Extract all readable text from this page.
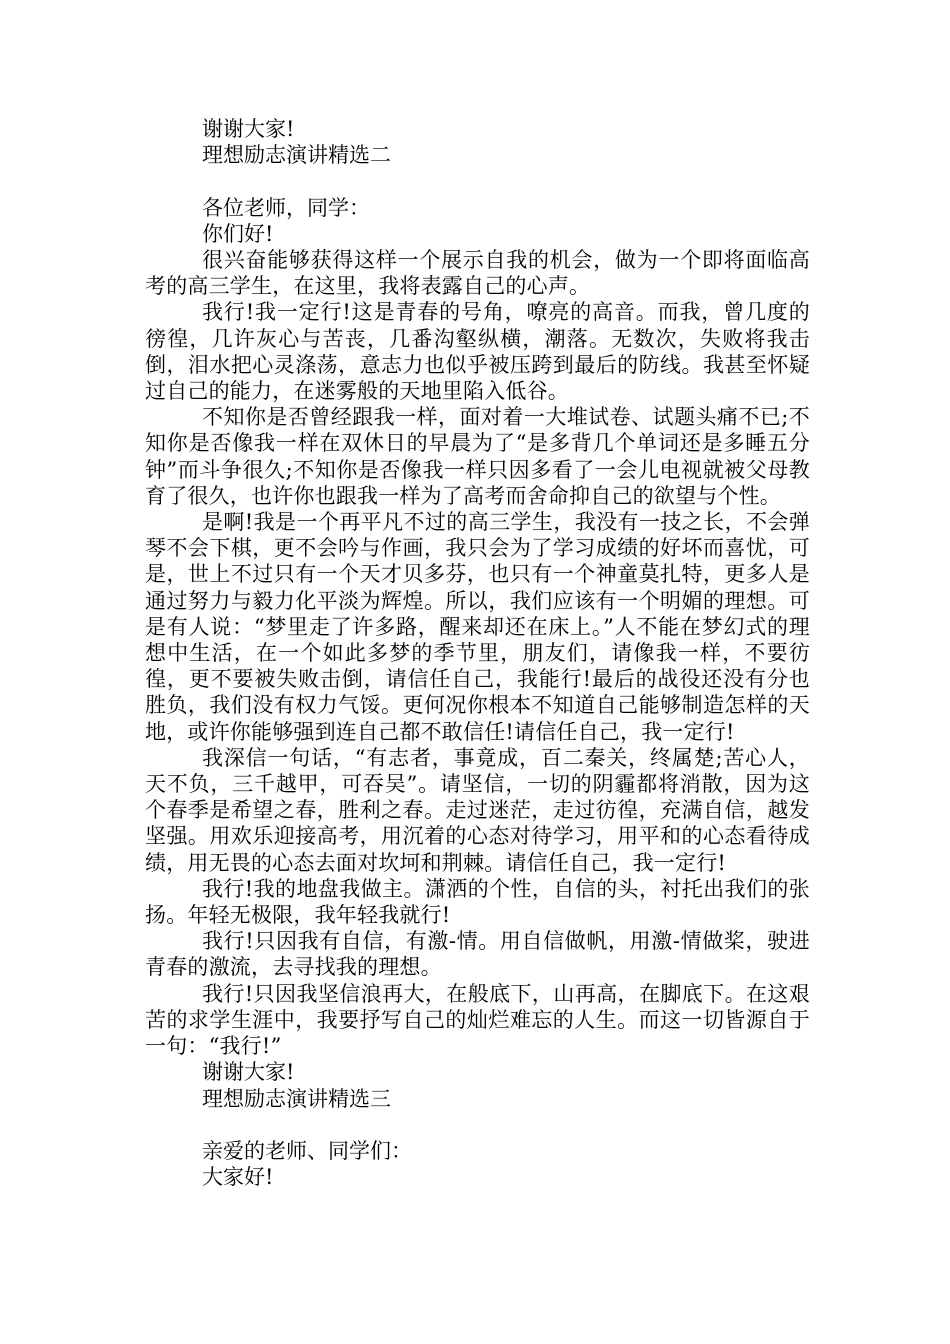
谢谢大家!

理想励志演讲精选二

各位老师，同学：

你们好!

很兴奋能够获得这样一个展示自我的机会，做为一个即将面临高考的高三学生，在这里，我将表露自己的心声。

我行!我一定行!这是青春的号角，嘹亮的高音。而我，曾几度的徬徨，几许灰心与苦丧，几番沟壑纵横，潮落。无数次，失败将我击倒，泪水把心灵涤荡，意志力也似乎被压跨到最后的防线。我甚至怀疑过自己的能力，在迷雾般的天地里陷入低谷。

不知你是否曾经跟我一样，面对着一大堆试卷、试题头痛不已;不知你是否像我一样在双休日的早晨为了“是多背几个单词还是多睡五分钟”而斗争很久;不知你是否像我一样只因多看了一会儿电视就被父母教育了很久，也许你也跟我一样为了高考而舍命抑自己的欲望与个性。

是啊!我是一个再平凡不过的高三学生，我没有一技之长，不会弹琴不会下棋，更不会吟与作画，我只会为了学习成绩的好坏而喜忧，可是，世上不过只有一个天才贝多芬，也只有一个神童莫扎特，更多人是通过努力与毅力化平淡为辉煌。所以，我们应该有一个明媚的理想。可是有人说：“梦里走了许多路，醒来却还在床上。”人不能在梦幻式的理想中生活，在一个如此多梦的季节里，朋友们，请像我一样，不要彷徨，更不要被失败击倒，请信任自己，我能行!最后的战役还没有分也胜负，我们没有权力气馁。更何况你根本不知道自己能够制造怎样的天地，或许你能够强到连自己都不敢信任!请信任自己，我一定行!

我深信一句话，“有志者，事竟成，百二秦关，终属楚;苦心人，天不负，三千越甲，可吞吴”。请坚信，一切的阴霾都将消散，因为这个春季是希望之春，胜利之春。走过迷茫，走过彷徨，充满自信，越发坚强。用欢乐迎接高考，用沉着的心态对待学习，用平和的心态看待成绩，用无畏的心态去面对坎坷和荆棘。请信任自己，我一定行!

我行!我的地盘我做主。潇洒的个性，自信的头，衬托出我们的张扬。年轻无极限，我年轻我就行!

我行!只因我有自信，有激-情。用自信做帆，用激-情做桨，驶进青春的激流，去寻找我的理想。

我行!只因我坚信浪再大，在般底下，山再高，在脚底下。在这艰苦的求学生涯中，我要抒写自己的灿烂难忘的人生。而这一切皆源自于一句：“我行!”

谢谢大家!

理想励志演讲精选三

亲爱的老师、同学们：

大家好!
